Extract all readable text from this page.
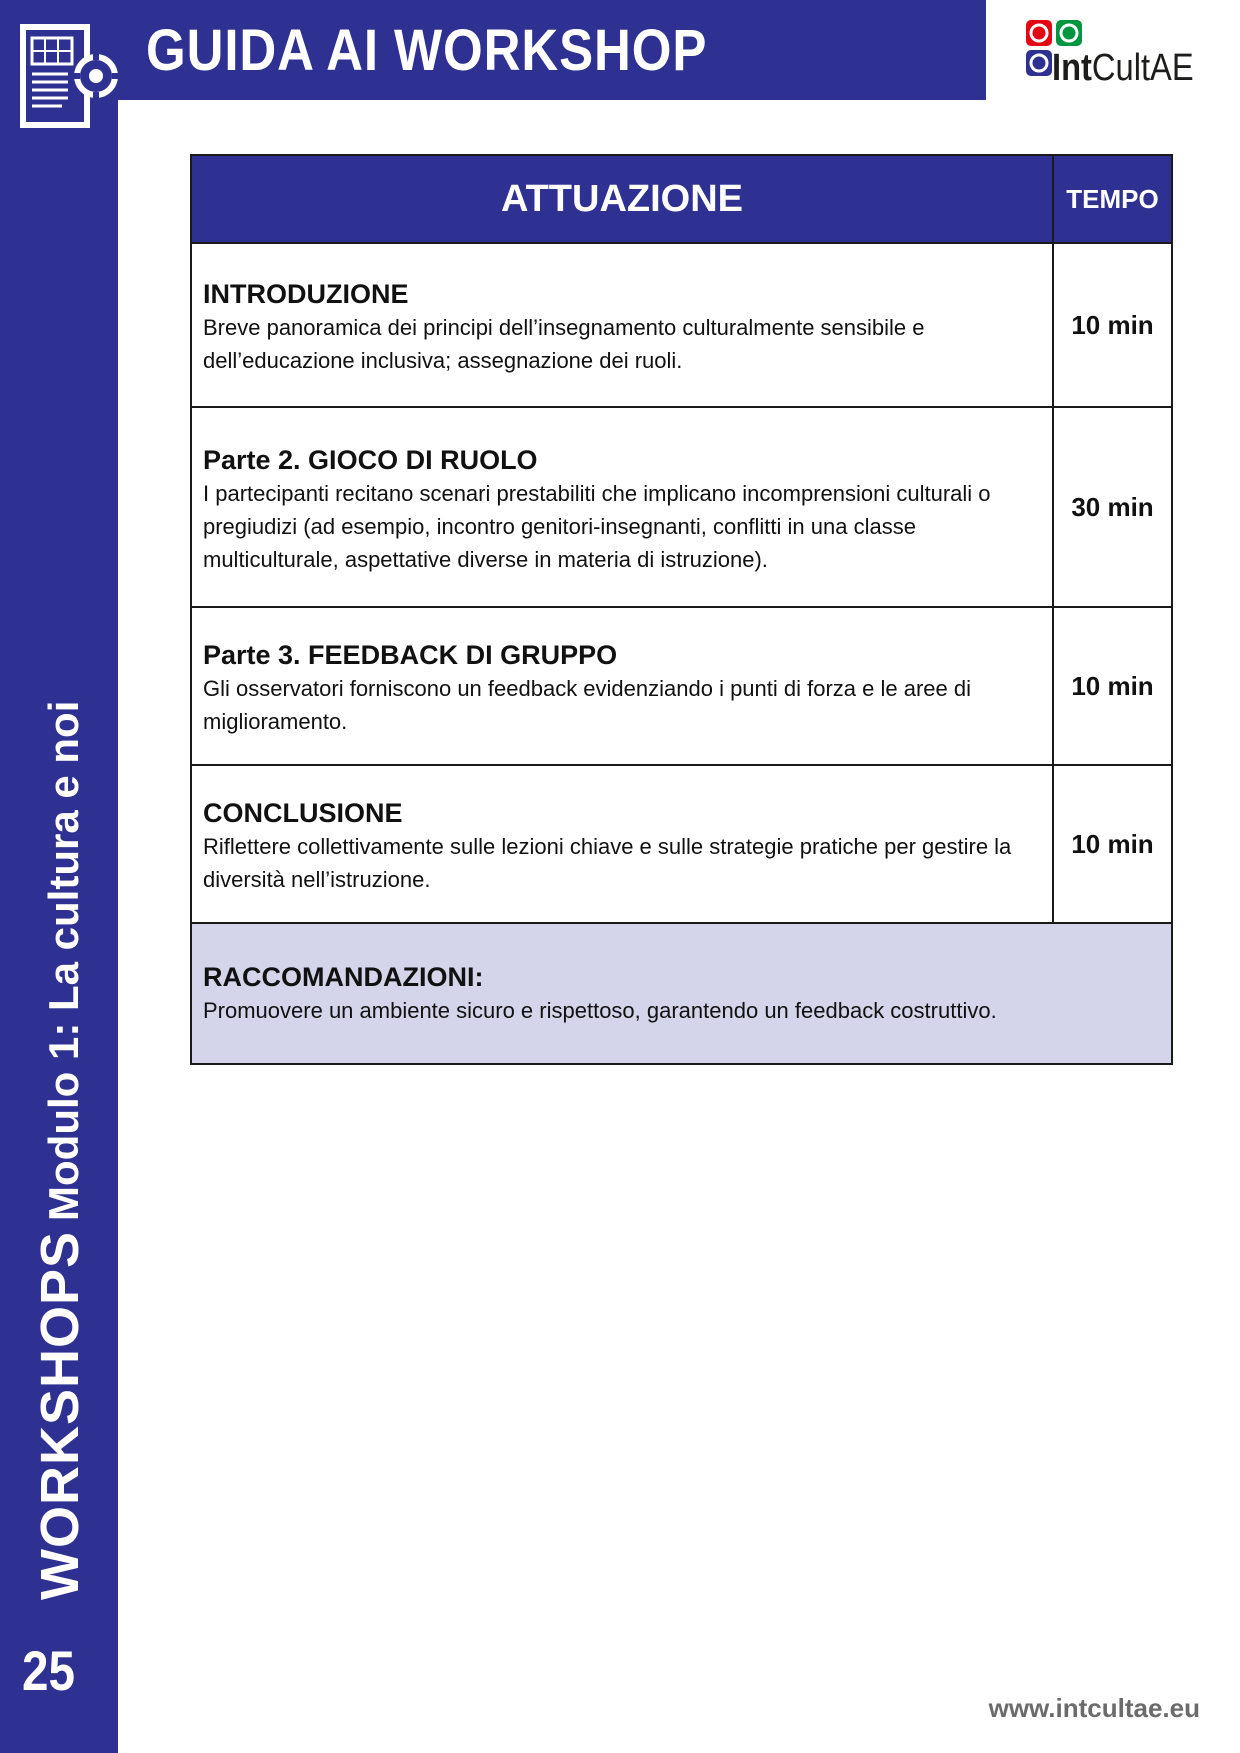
GUIDA AI WORKSHOP	IntCultAE
WORKSHOPSModulo 1: La cultura e noi
25
ATTUAZIONE	TEMPO

INTRODUZIONE
Breve panoramica dei principi dell’insegnamento culturalmente sensibile e dell’educazione inclusiva; assegnazione dei ruoli.	10 min

Parte 2. GIOCO DI RUOLO
I partecipanti recitano scenari prestabiliti che implicano incomprensioni culturali o pregiudizi (ad esempio, incontro genitori-insegnanti, conflitti in una classe multiculturale, aspettative diverse in materia di istruzione).	30 min

Parte 3. FEEDBACK DI GRUPPO
Gli osservatori forniscono un feedback evidenziando i punti di forza e le aree di miglioramento.	10 min

CONCLUSIONE
Riflettere collettivamente sulle lezioni chiave e sulle strategie pratiche per gestire la diversità nell’istruzione.	10 min

RACCOMANDAZIONI:
Promuovere un ambiente sicuro e rispettoso, garantendo un feedback costruttivo.	
www.intcultae.eu
